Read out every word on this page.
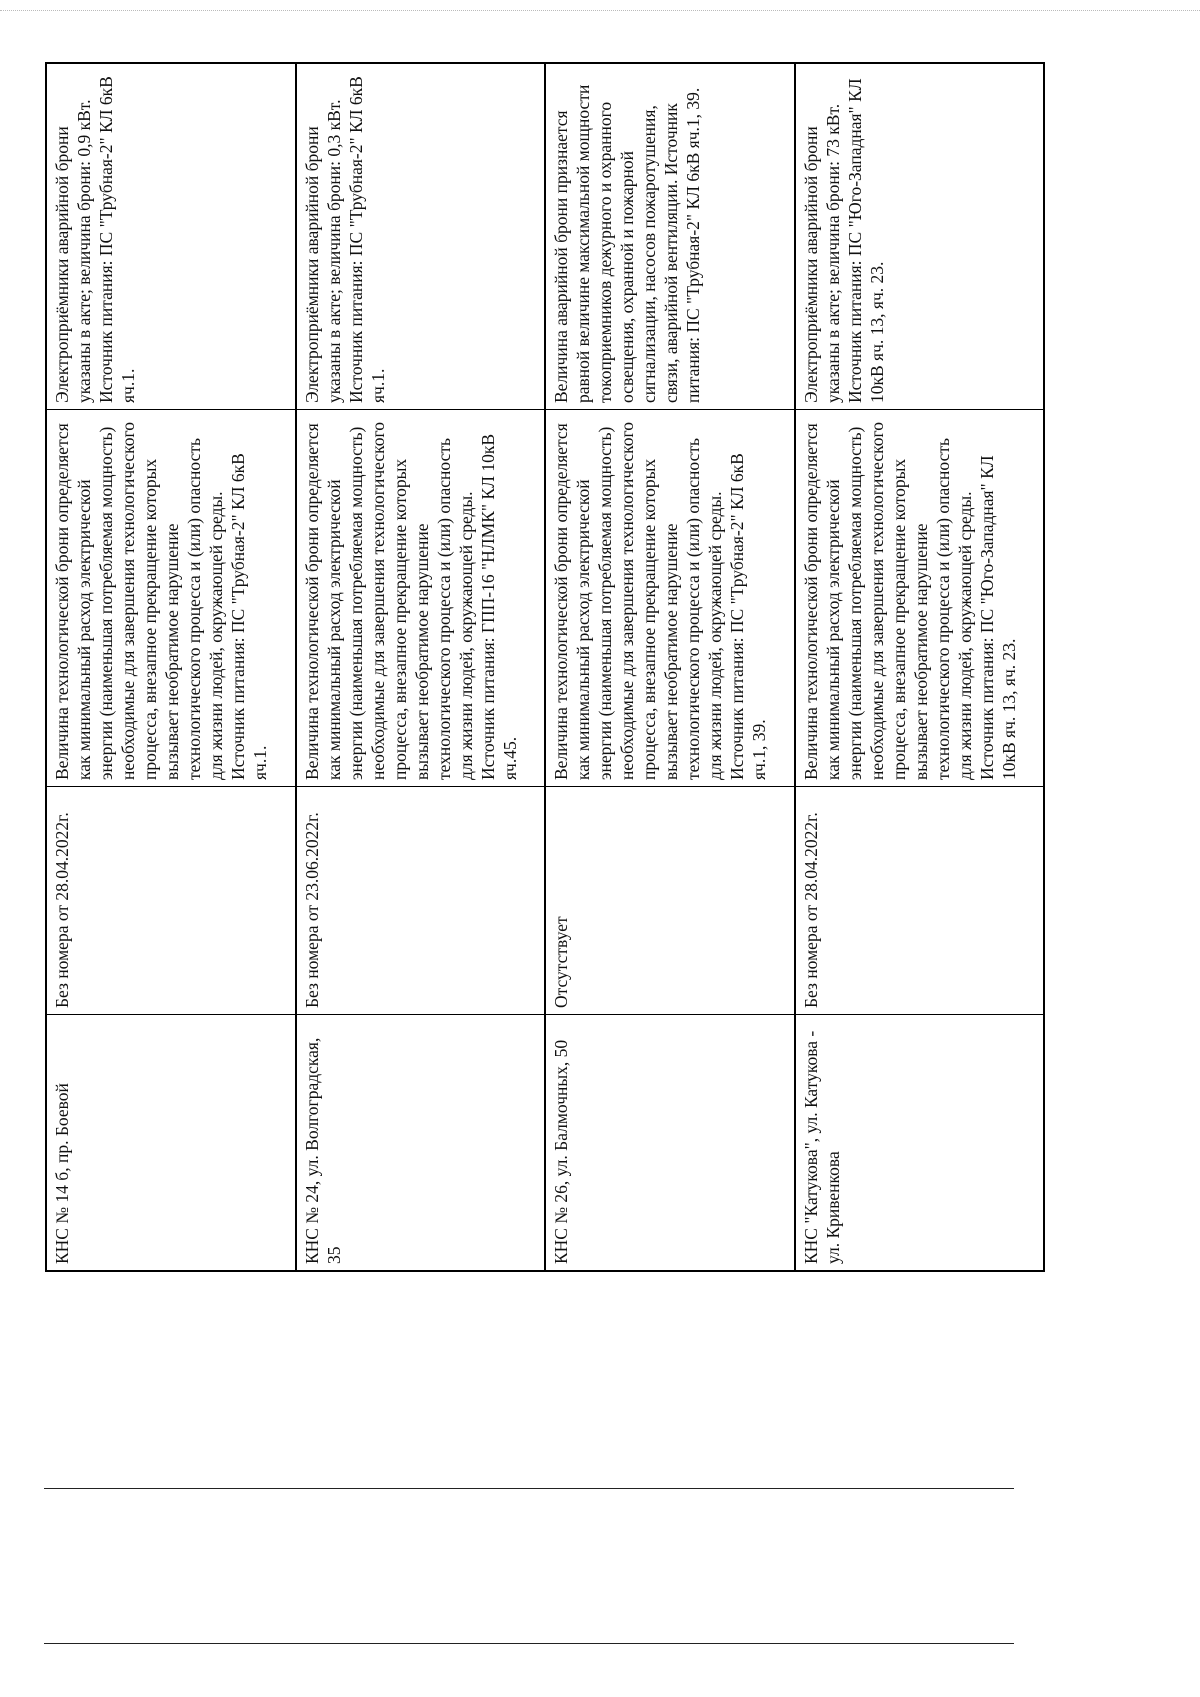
КНС № 14 б, пр. Боевой
Без номера от 28.04.2022г.
Величина технологической брони определяется как минимальный расход электрической энергии (наименьшая потребляемая мощность) необходимые для завершения технологического процесса, внезапное прекращение которых вызывает необратимое нарушение технологического процесса и (или) опасность для жизни людей, окружающей среды. Источник питания: ПС "Трубная-2" КЛ 6кВ яч.1.
Электроприёмники аварийной брони указаны в акте; величина брони: 0,9 кВт. Источник питания: ПС "Трубная-2" КЛ 6кВ яч.1.
КНС № 24, ул. Волгоградская, 35
Без номера от 23.06.2022г.
Величина технологической брони определяется как минимальный расход электрической энергии (наименьшая потребляемая мощность) необходимые для завершения технологического процесса, внезапное прекращение которых вызывает необратимое нарушение технологического процесса и (или) опасность для жизни людей, окружающей среды. Источник питания: ГПП-16 "НЛМК" КЛ 10кВ яч.45.
Электроприёмники аварийной брони указаны в акте; величина брони: 0,3 кВт. Источник питания: ПС "Трубная-2" КЛ 6кВ яч.1.
КНС № 26, ул. Балмочных, 50
Отсутствует
Величина технологической брони определяется как минимальный расход электрической энергии (наименьшая потребляемая мощность) необходимые для завершения технологического процесса, внезапное прекращение которых вызывает необратимое нарушение технологического процесса и (или) опасность для жизни людей, окружающей среды. Источник питания: ПС "Трубная-2" КЛ 6кВ яч.1, 39.
Величина аварийной брони признается равной величине максимальной мощности токоприемников дежурного и охранного освещения, охранной и пожарной сигнализации, насосов пожаротушения, связи, аварийной вентиляции. Источник питания: ПС "Трубная-2" КЛ 6кВ яч.1, 39.
КНС "Катукова", ул. Катукова - ул. Кривенкова
Без номера от 28.04.2022г.
Величина технологической брони определяется как минимальный расход электрической энергии (наименьшая потребляемая мощность) необходимые для завершения технологического процесса, внезапное прекращение которых вызывает необратимое нарушение технологического процесса и (или) опасность для жизни людей, окружающей среды. Источник питания: ПС "Юго-Западная" КЛ 10кВ яч. 13, яч. 23.
Электроприёмники аварийной брони указаны в акте; величина брони: 73 кВт. Источник питания: ПС "Юго-Западная" КЛ 10кВ яч. 13, яч. 23.
